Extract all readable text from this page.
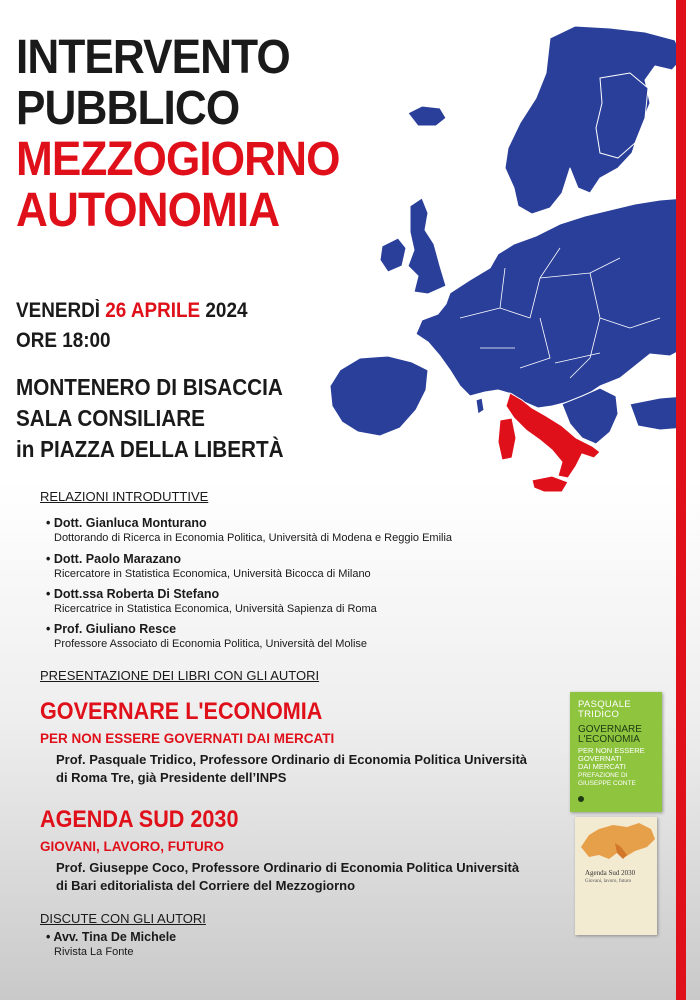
INTERVENTO
PUBBLICO
MEZZOGIORNO
AUTONOMIA
VENERDÌ 26 APRILE 2024
ORE 18:00
MONTENERO DI BISACCIA
SALA CONSILIARE
in PIAZZA DELLA LIBERTÀ
RELAZIONI INTRODUTTIVE
• Dott. Gianluca Monturano
Dottorando di Ricerca in Economia Politica, Università di Modena e Reggio Emilia
• Dott. Paolo Marazano
Ricercatore in Statistica Economica, Università Bicocca di Milano
• Dott.ssa Roberta Di Stefano
Ricercatrice in Statistica Economica, Università Sapienza di Roma
• Prof. Giuliano Resce
Professore Associato di Economia Politica, Università del Molise
PRESENTAZIONE DEI LIBRI CON GLI AUTORI
GOVERNARE L'ECONOMIA
PER NON ESSERE GOVERNATI DAI MERCATI
Prof. Pasquale Tridico, Professore Ordinario di Economia Politica Università
di Roma Tre, già Presidente dell’INPS
AGENDA SUD 2030
GIOVANI, LAVORO, FUTURO
Prof. Giuseppe Coco, Professore Ordinario di Economia Politica Università
di Bari editorialista del Corriere del Mezzogiorno
DISCUTE CON GLI AUTORI
• Avv. Tina De Michele
Rivista La Fonte
PASQUALE
TRIDICO
GOVERNARE
L'ECONOMIA
PER NON ESSERE
GOVERNATI
DAI MERCATI
PREFAZIONE DI
GIUSEPPE CONTE
Agenda Sud 2030
Giovani, lavoro, futuro
